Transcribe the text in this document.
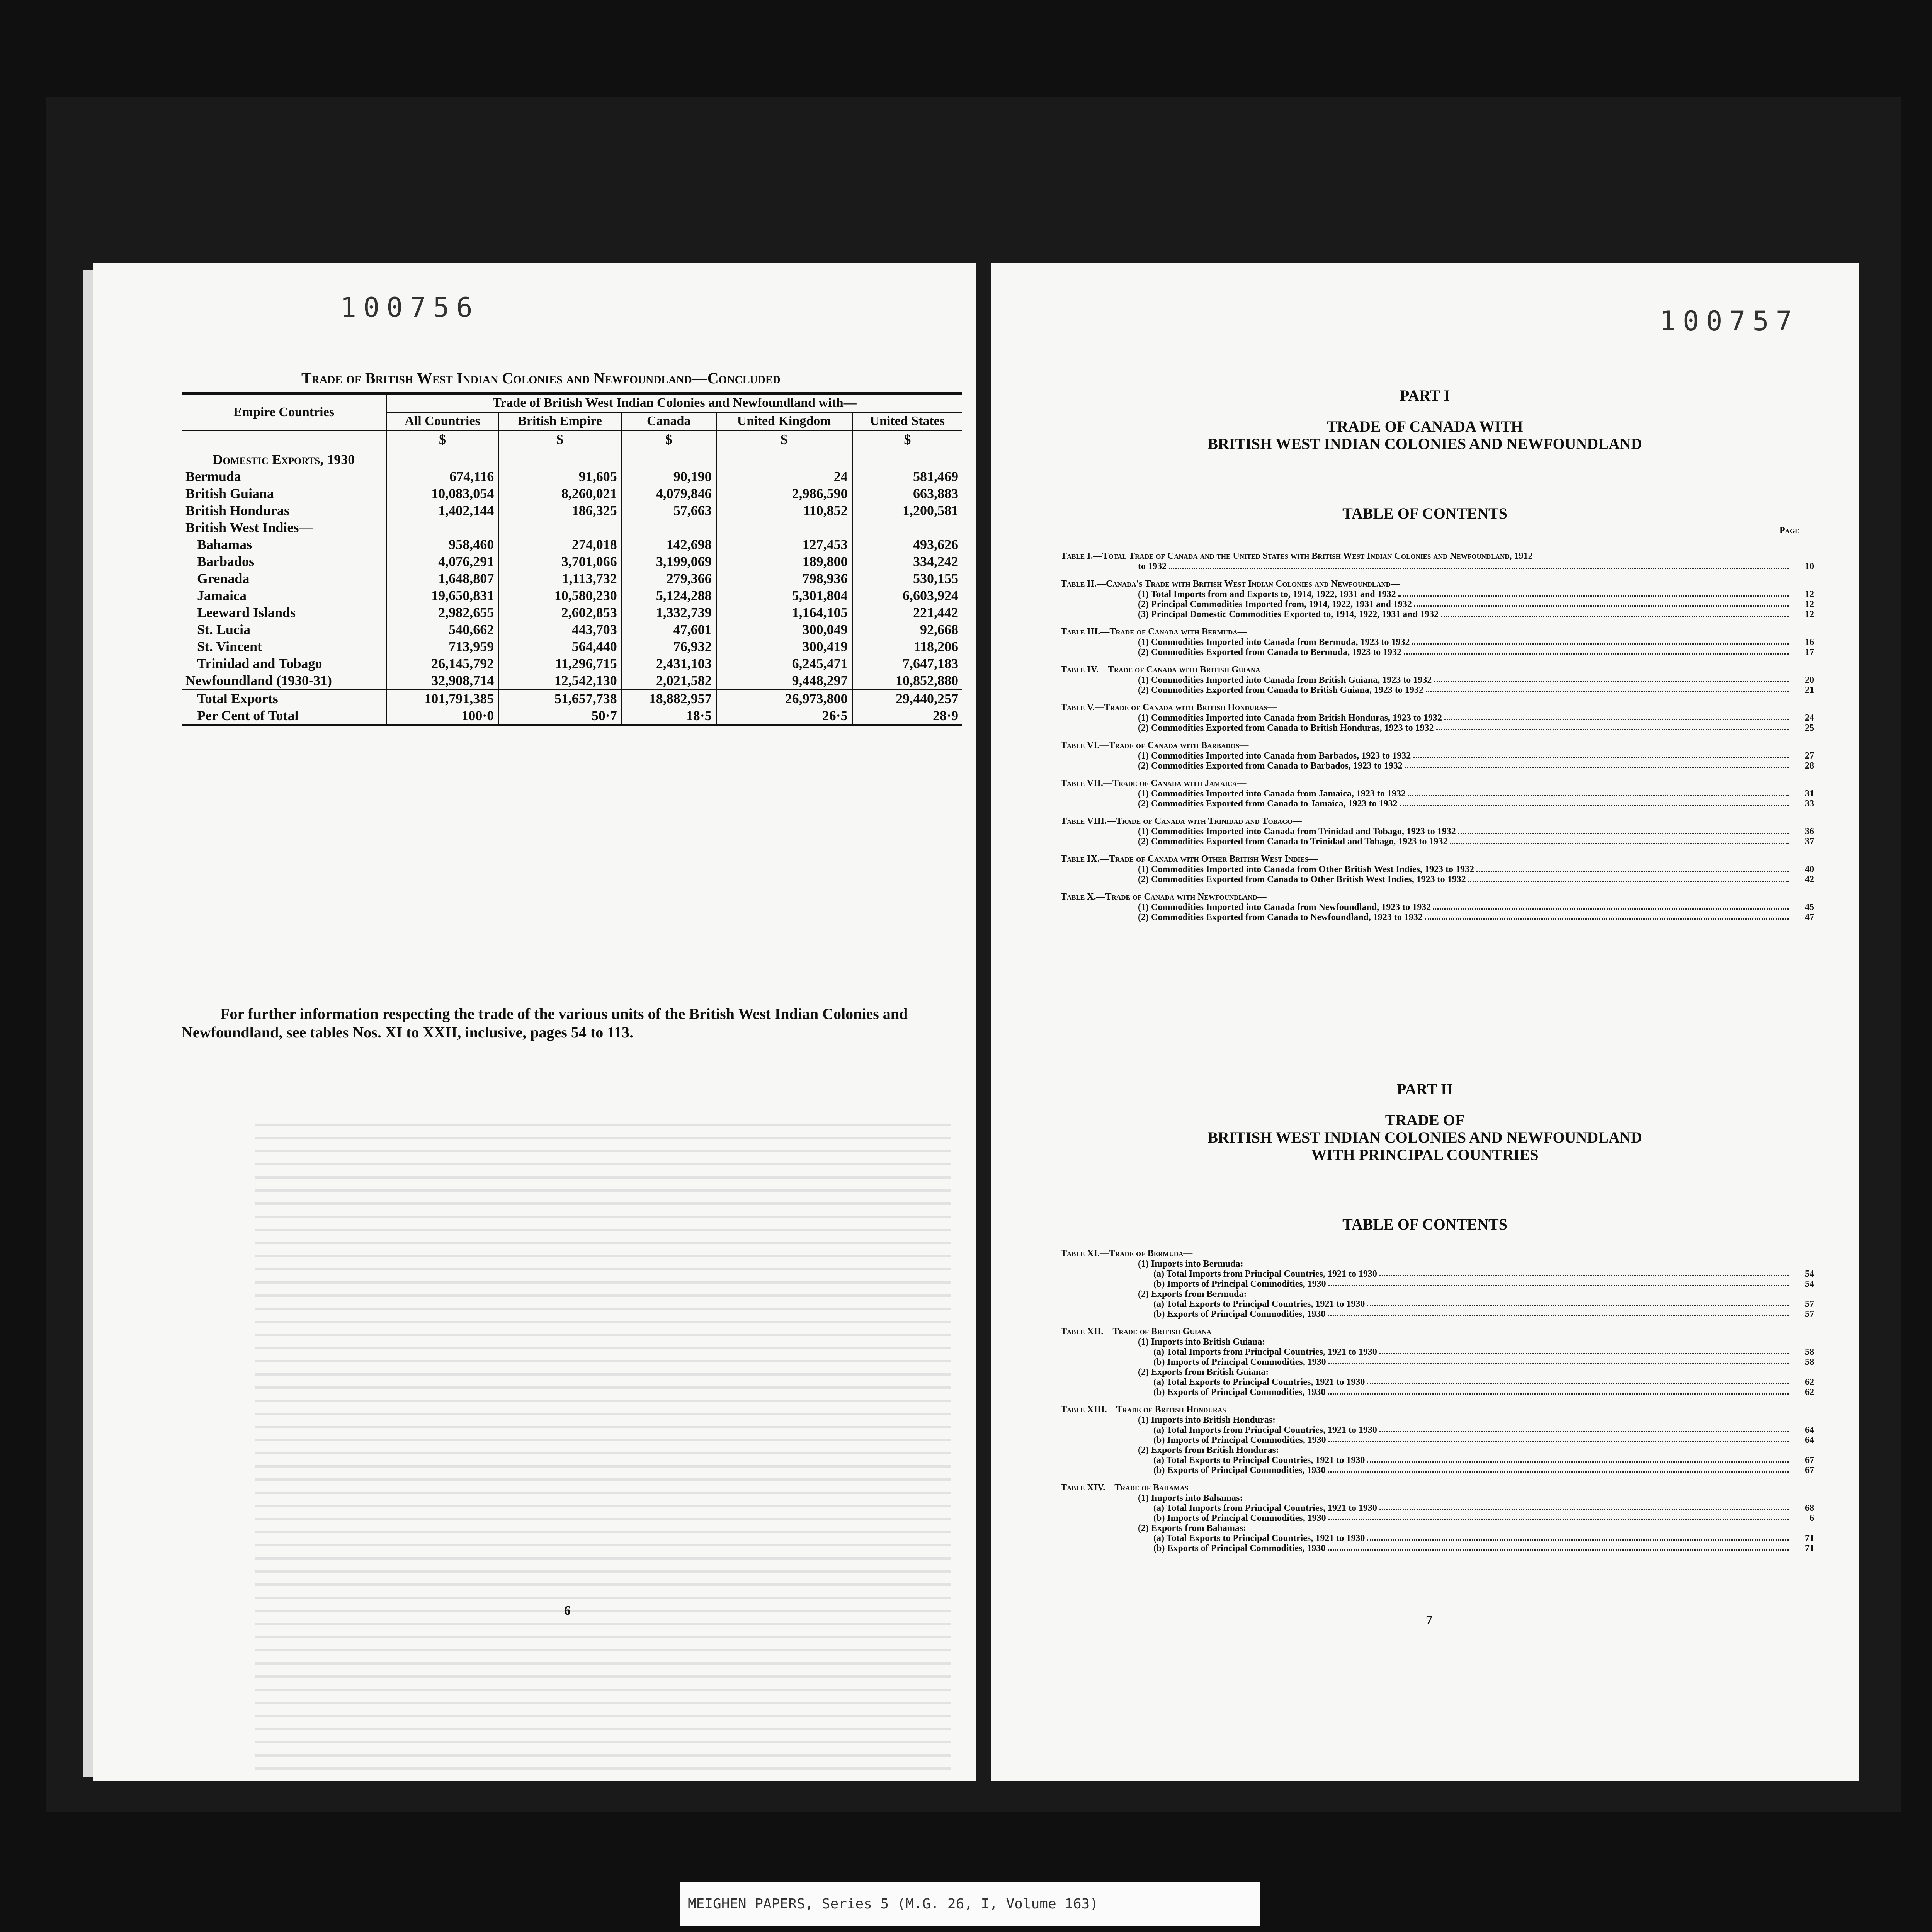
100756
Trade of British West Indian Colonies and Newfoundland—Concluded
Empire Countries	Trade of British West Indian Colonies and Newfoundland with—				
	All Countries	British Empire	Canada	United Kingdom	United States
	$	$	$	$	$
Domestic Exports, 1930					
Bermuda	674,116	91,605	90,190	24	581,469
British Guiana	10,083,054	8,260,021	4,079,846	2,986,590	663,883
British Honduras	1,402,144	186,325	57,663	110,852	1,200,581
British West Indies—					
Bahamas	958,460	274,018	142,698	127,453	493,626
Barbados	4,076,291	3,701,066	3,199,069	189,800	334,242
Grenada	1,648,807	1,113,732	279,366	798,936	530,155
Jamaica	19,650,831	10,580,230	5,124,288	5,301,804	6,603,924
Leeward Islands	2,982,655	2,602,853	1,332,739	1,164,105	221,442
St. Lucia	540,662	443,703	47,601	300,049	92,668
St. Vincent	713,959	564,440	76,932	300,419	118,206
Trinidad and Tobago	26,145,792	11,296,715	2,431,103	6,245,471	7,647,183
Newfoundland (1930-31)	32,908,714	12,542,130	2,021,582	9,448,297	10,852,880
Total Exports	101,791,385	51,657,738	18,882,957	26,973,800	29,440,257
Per Cent of Total	100·0	50·7	18·5	26·5	28·9
For further information respecting the trade of the various units of the British West Indian Colonies and Newfoundland, see tables Nos. XI to XXII, inclusive, pages 54 to 113.
6
100757
PART I
TRADE OF CANADA WITH
BRITISH WEST INDIAN COLONIES AND NEWFOUNDLAND
TABLE OF CONTENTS
Page
Table I.—Total Trade of Canada and the United States with British West Indian Colonies and Newfoundland, 1912
to 1932	10
Table II.—Canada's Trade with British West Indian Colonies and Newfoundland—
(1) Total Imports from and Exports to, 1914, 1922, 1931 and 1932	12
(2) Principal Commodities Imported from, 1914, 1922, 1931 and 1932	12
(3) Principal Domestic Commodities Exported to, 1914, 1922, 1931 and 1932	12
Table III.—Trade of Canada with Bermuda—
(1) Commodities Imported into Canada from Bermuda, 1923 to 1932	16
(2) Commodities Exported from Canada to Bermuda, 1923 to 1932	17
Table IV.—Trade of Canada with British Guiana—
(1) Commodities Imported into Canada from British Guiana, 1923 to 1932	20
(2) Commodities Exported from Canada to British Guiana, 1923 to 1932	21
Table V.—Trade of Canada with British Honduras—
(1) Commodities Imported into Canada from British Honduras, 1923 to 1932	24
(2) Commodities Exported from Canada to British Honduras, 1923 to 1932	25
Table VI.—Trade of Canada with Barbados—
(1) Commodities Imported into Canada from Barbados, 1923 to 1932	27
(2) Commodities Exported from Canada to Barbados, 1923 to 1932	28
Table VII.—Trade of Canada with Jamaica—
(1) Commodities Imported into Canada from Jamaica, 1923 to 1932	31
(2) Commodities Exported from Canada to Jamaica, 1923 to 1932	33
Table VIII.—Trade of Canada with Trinidad and Tobago—
(1) Commodities Imported into Canada from Trinidad and Tobago, 1923 to 1932	36
(2) Commodities Exported from Canada to Trinidad and Tobago, 1923 to 1932	37
Table IX.—Trade of Canada with Other British West Indies—
(1) Commodities Imported into Canada from Other British West Indies, 1923 to 1932	40
(2) Commodities Exported from Canada to Other British West Indies, 1923 to 1932	42
Table X.—Trade of Canada with Newfoundland—
(1) Commodities Imported into Canada from Newfoundland, 1923 to 1932	45
(2) Commodities Exported from Canada to Newfoundland, 1923 to 1932	47
PART II
TRADE OF
BRITISH WEST INDIAN COLONIES AND NEWFOUNDLAND
WITH PRINCIPAL COUNTRIES
TABLE OF CONTENTS
Table XI.—Trade of Bermuda—
(1) Imports into Bermuda:
(a) Total Imports from Principal Countries, 1921 to 1930	54
(b) Imports of Principal Commodities, 1930	54
(2) Exports from Bermuda:
(a) Total Exports to Principal Countries, 1921 to 1930	57
(b) Exports of Principal Commodities, 1930	57
Table XII.—Trade of British Guiana—
(1) Imports into British Guiana:
(a) Total Imports from Principal Countries, 1921 to 1930	58
(b) Imports of Principal Commodities, 1930	58
(2) Exports from British Guiana:
(a) Total Exports to Principal Countries, 1921 to 1930	62
(b) Exports of Principal Commodities, 1930	62
Table XIII.—Trade of British Honduras—
(1) Imports into British Honduras:
(a) Total Imports from Principal Countries, 1921 to 1930	64
(b) Imports of Principal Commodities, 1930	64
(2) Exports from British Honduras:
(a) Total Exports to Principal Countries, 1921 to 1930	67
(b) Exports of Principal Commodities, 1930	67
Table XIV.—Trade of Bahamas—
(1) Imports into Bahamas:
(a) Total Imports from Principal Countries, 1921 to 1930	68
(b) Imports of Principal Commodities, 1930	6
(2) Exports from Bahamas:
(a) Total Exports to Principal Countries, 1921 to 1930	71
(b) Exports of Principal Commodities, 1930	71
7
MEIGHEN PAPERS, Series 5 (M.G. 26, I, Volume 163)
